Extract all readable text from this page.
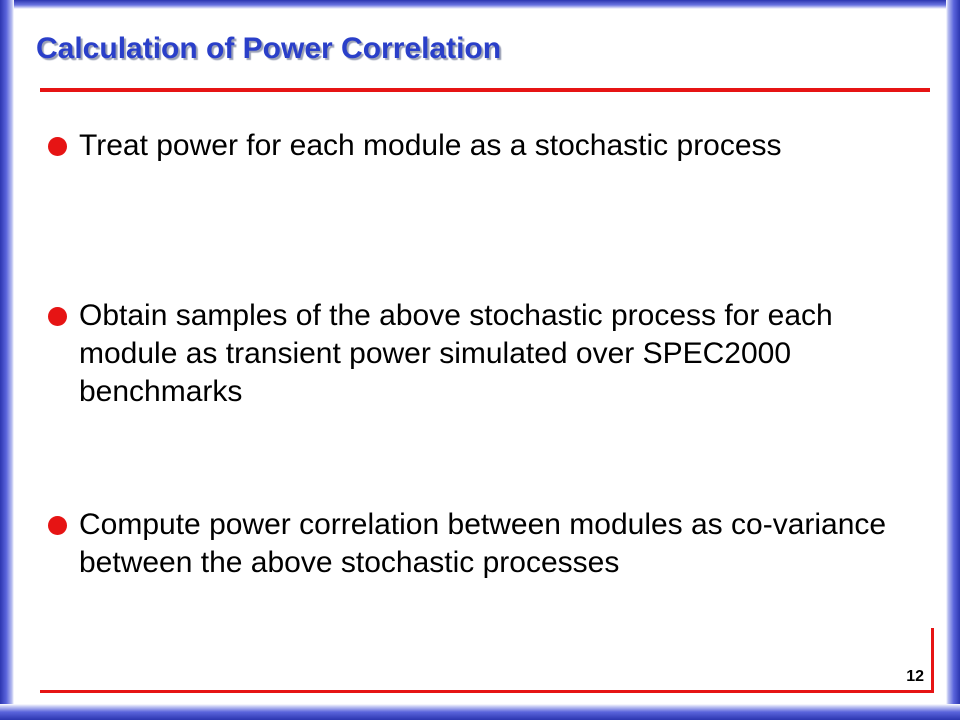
Calculation of Power Correlation
Treat power for each module as a stochastic process
Obtain samples of the above stochastic process for each module as transient power simulated over SPEC2000 benchmarks
Compute power correlation between modules as co-variance between the above stochastic processes
12
